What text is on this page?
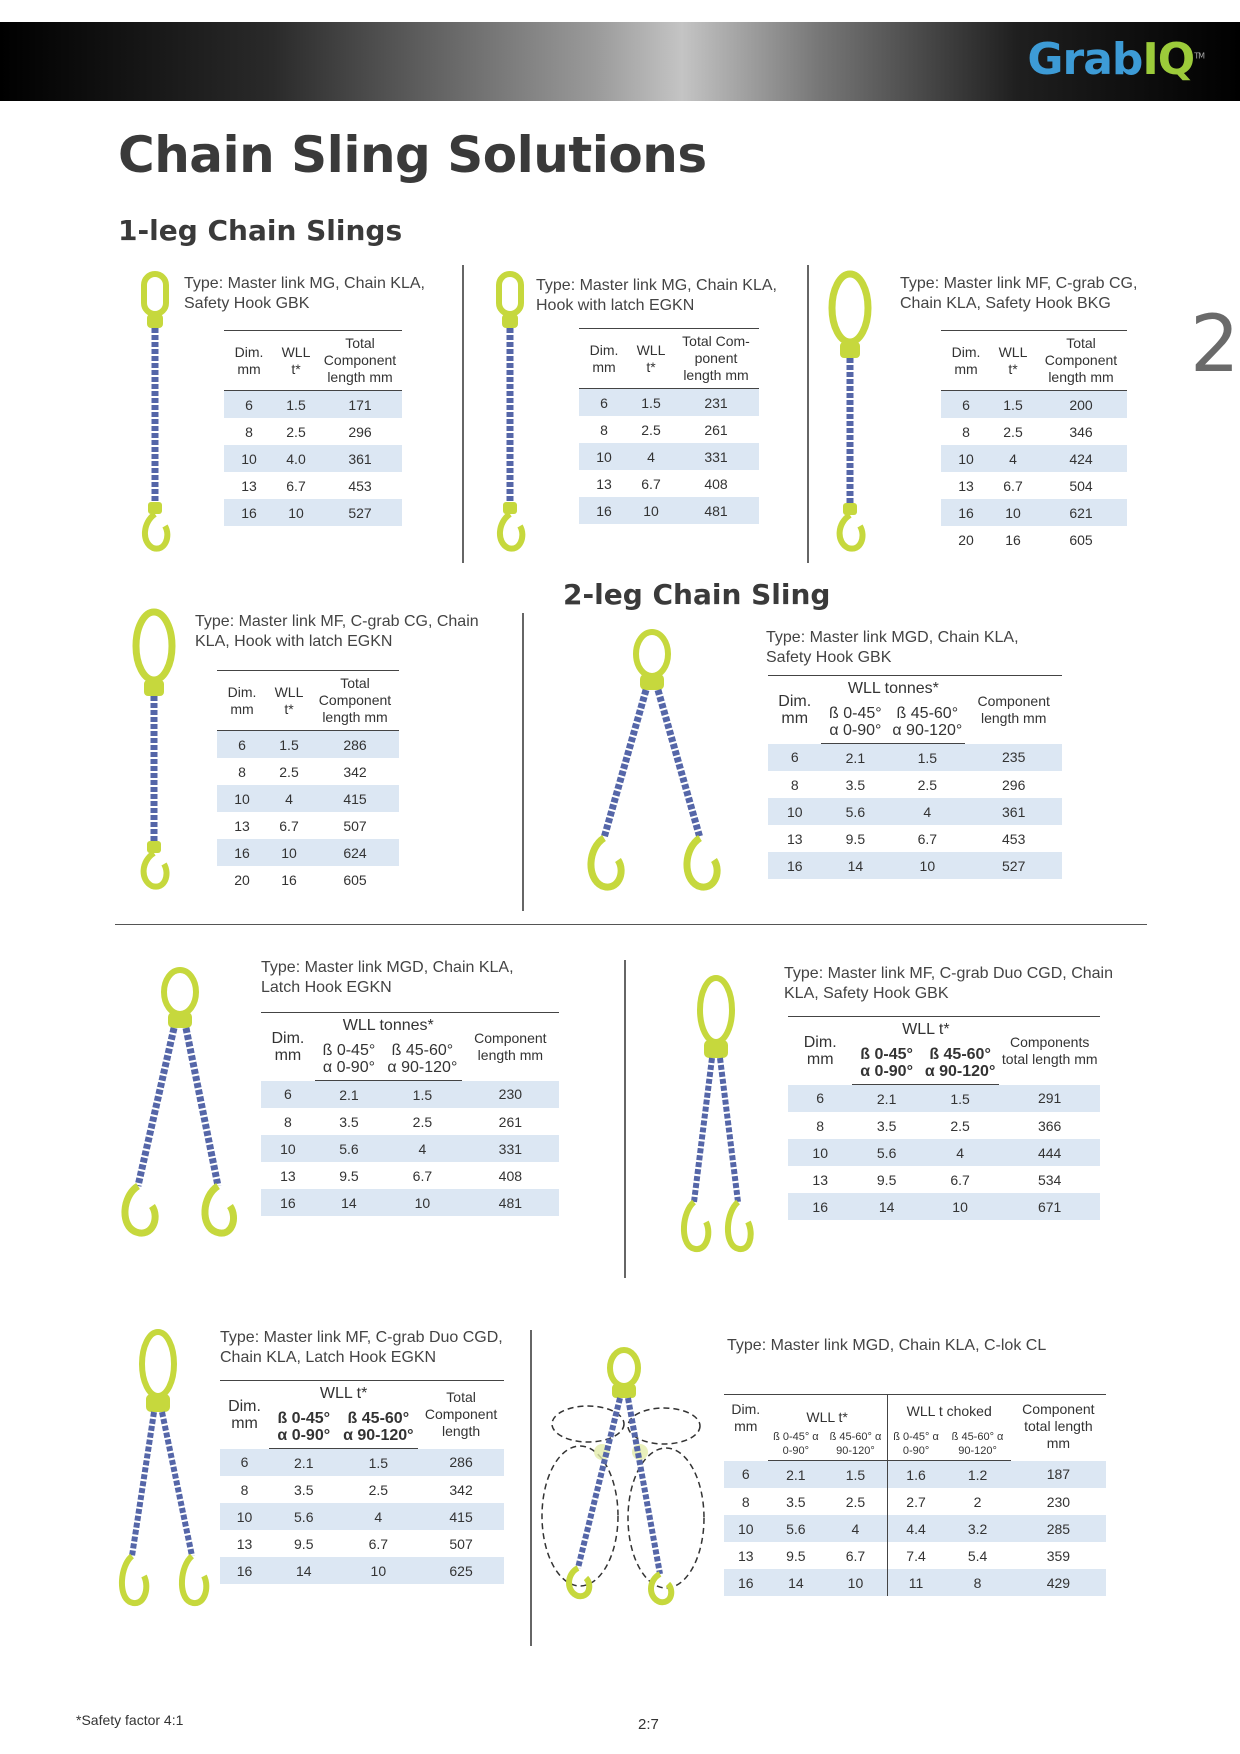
GrabIQ™
Chain Sling Solutions
1-leg Chain Slings
2-leg Chain Sling
2

Type: Master link MG, Chain KLA, Safety Hook GBK

Dim. mm	WLL t*	Total Component length mm
6	1.5	171
8	2.5	296
10	4.0	361
13	6.7	453
16	10	527

Type: Master link MG, Chain KLA, Hook with latch EGKN

Dim. mm	WLL t*	Total Com- ponent length mm
6	1.5	231
8	2.5	261
10	4	331
13	6.7	408
16	10	481

Type: Master link MF, C-grab CG, Chain KLA, Safety Hook BKG

Dim. mm	WLL t*	Total Component length mm
6	1.5	200
8	2.5	346
10	4	424
13	6.7	504
16	10	621
20	16	605

Type: Master link MF, C-grab CG, Chain KLA, Hook with latch EGKN

Dim. mm	WLL t*	Total Component length mm
6	1.5	286
8	2.5	342
10	4	415
13	6.7	507
16	10	624
20	16	605

Type: Master link MGD, Chain KLA, Safety Hook GBK

Dim. mm	WLL tonnes*		Component length mm
	ß 0-45° α 0-90°	ß 45-60° α 90-120°	
6	2.1	1.5	235
8	3.5	2.5	296
10	5.6	4	361
13	9.5	6.7	453
16	14	10	527

Type: Master link MGD, Chain KLA, Latch Hook EGKN

Dim. mm	WLL tonnes*		Component length mm
	ß 0-45° α 0-90°	ß 45-60° α 90-120°	
6	2.1	1.5	230
8	3.5	2.5	261
10	5.6	4	331
13	9.5	6.7	408
16	14	10	481

Type: Master link MF, C-grab Duo CGD, Chain KLA, Safety Hook GBK

Dim. mm	WLL t*		Components total length mm
	ß 0-45° α 0-90°	ß 45-60° α 90-120°	
6	2.1	1.5	291
8	3.5	2.5	366
10	5.6	4	444
13	9.5	6.7	534
16	14	10	671

Type: Master link MF, C-grab Duo CGD, Chain KLA, Latch Hook EGKN

Dim. mm	WLL t*		Total Component length
	ß 0-45° α 0-90°	ß 45-60° α 90-120°	
6	2.1	1.5	286
8	3.5	2.5	342
10	5.6	4	415
13	9.5	6.7	507
16	14	10	625

Type: Master link MGD, Chain KLA, C-lok CL

Dim. mm	WLL t*		WLL t choked		Component total length mm
	ß 0-45° α 0-90°	ß 45-60° α 90-120°	ß 0-45° α 0-90°	ß 45-60° α 90-120°	
6	2.1	1.5	1.6	1.2	187
8	3.5	2.5	2.7	2	230
10	5.6	4	4.4	3.2	285
13	9.5	6.7	7.4	5.4	359
16	14	10	11	8	429
*Safety factor 4:1	2:7
